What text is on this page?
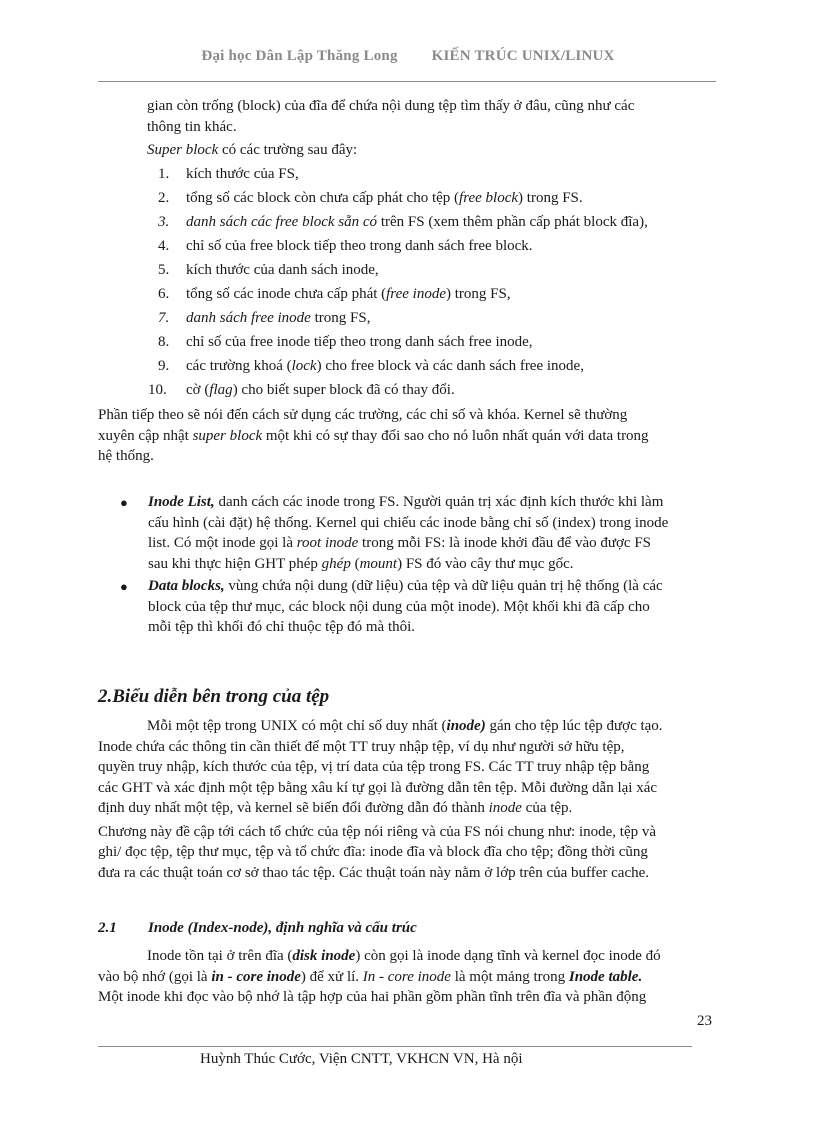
Đại học Dân Lập Thăng Long KIẾN TRÚC UNIX/LINUX

gian còn trống (block) của đĩa để chứa nội dung tệp tìm thấy ở đâu, cũng như các

thông tin khác.

Super block có các trường sau đây:

1.	kích thước của FS,
2.	tổng số các block còn chưa cấp phát cho tệp (free block) trong FS.
3.	danh sách các free block sẵn có trên FS (xem thêm phần cấp phát block đĩa),
4.	chỉ số của free block tiếp theo trong danh sách free block.
5.	kích thước của danh sách inode,
6.	tổng số các inode chưa cấp phát (free inode) trong FS,
7.	danh sách free inode trong FS,
8.	chỉ số của free inode tiếp theo trong danh sách free inode,
9.	các trường khoá (lock) cho free block và các danh sách free inode,
10.	cờ (flag) cho biết super block đã có thay đổi.

Phần tiếp theo sẽ nói đến cách sử dụng các trường, các chỉ số và khóa. Kernel sẽ thường

xuyên cập nhật super block một khi có sự thay đổi sao cho nó luôn nhất quán với data trong

hệ thống.

●	Inode List, danh cách các inode trong FS. Người quản trị xác định kích thước khi làm

cấu hình (cài đặt) hệ thống. Kernel qui chiếu các inode bằng chỉ số (index) trong inode

list. Có một inode gọi là root inode trong mỗi FS: là inode khởi đầu để vào được FS

sau khi thực hiện GHT phép ghép (mount) FS đó vào cây thư mục gốc.

●	Data blocks, vùng chứa nội dung (dữ liệu) của tệp và dữ liệu quản trị hệ thống (là các

block của tệp thư mục, các block nội dung của một inode). Một khối khi đã cấp cho

mỗi tệp thì khối đó chỉ thuộc tệp đó mà thôi.

2.Biểu diễn bên trong của tệp

Mỗi một tệp trong UNIX có một chỉ số duy nhất (inode) gán cho tệp lúc tệp được tạo.

Inode chứa các thông tin cần thiết để một TT truy nhập tệp, ví dụ như người sở hữu tệp,

quyền truy nhập, kích thước của tệp, vị trí data của tệp trong FS. Các TT truy nhập tệp bằng

các GHT và xác định một tệp bằng xâu kí tự gọi là đường dẫn tên tệp. Mỗi đường dẫn lại xác

định duy nhất một tệp, và kernel sẽ biến đổi đường dẫn đó thành inode của tệp.

Chương này đề cập tới cách tổ chức của tệp nói riêng và của FS nói chung như: inode, tệp và

ghi/ đọc tệp, tệp thư mục, tệp và tổ chức đĩa: inode đĩa và block đĩa cho tệp; đồng thời cũng

đưa ra các thuật toán cơ sở thao tác tệp. Các thuật toán này nằm ở lớp trên của buffer cache.

2.1 Inode (Index-node), định nghĩa và cấu trúc

Inode tồn tại ở trên đĩa (disk inode) còn gọi là inode dạng tĩnh và kernel đọc inode đó

vào bộ nhớ (gọi là in - core inode) để xử lí. In - core inode là một mảng trong Inode table.

Một inode khi đọc vào bộ nhớ là tập hợp của hai phần gồm phần tĩnh trên đĩa và phần động

23
Huỳnh Thúc Cước, Viện CNTT, VKHCN VN, Hà nội
